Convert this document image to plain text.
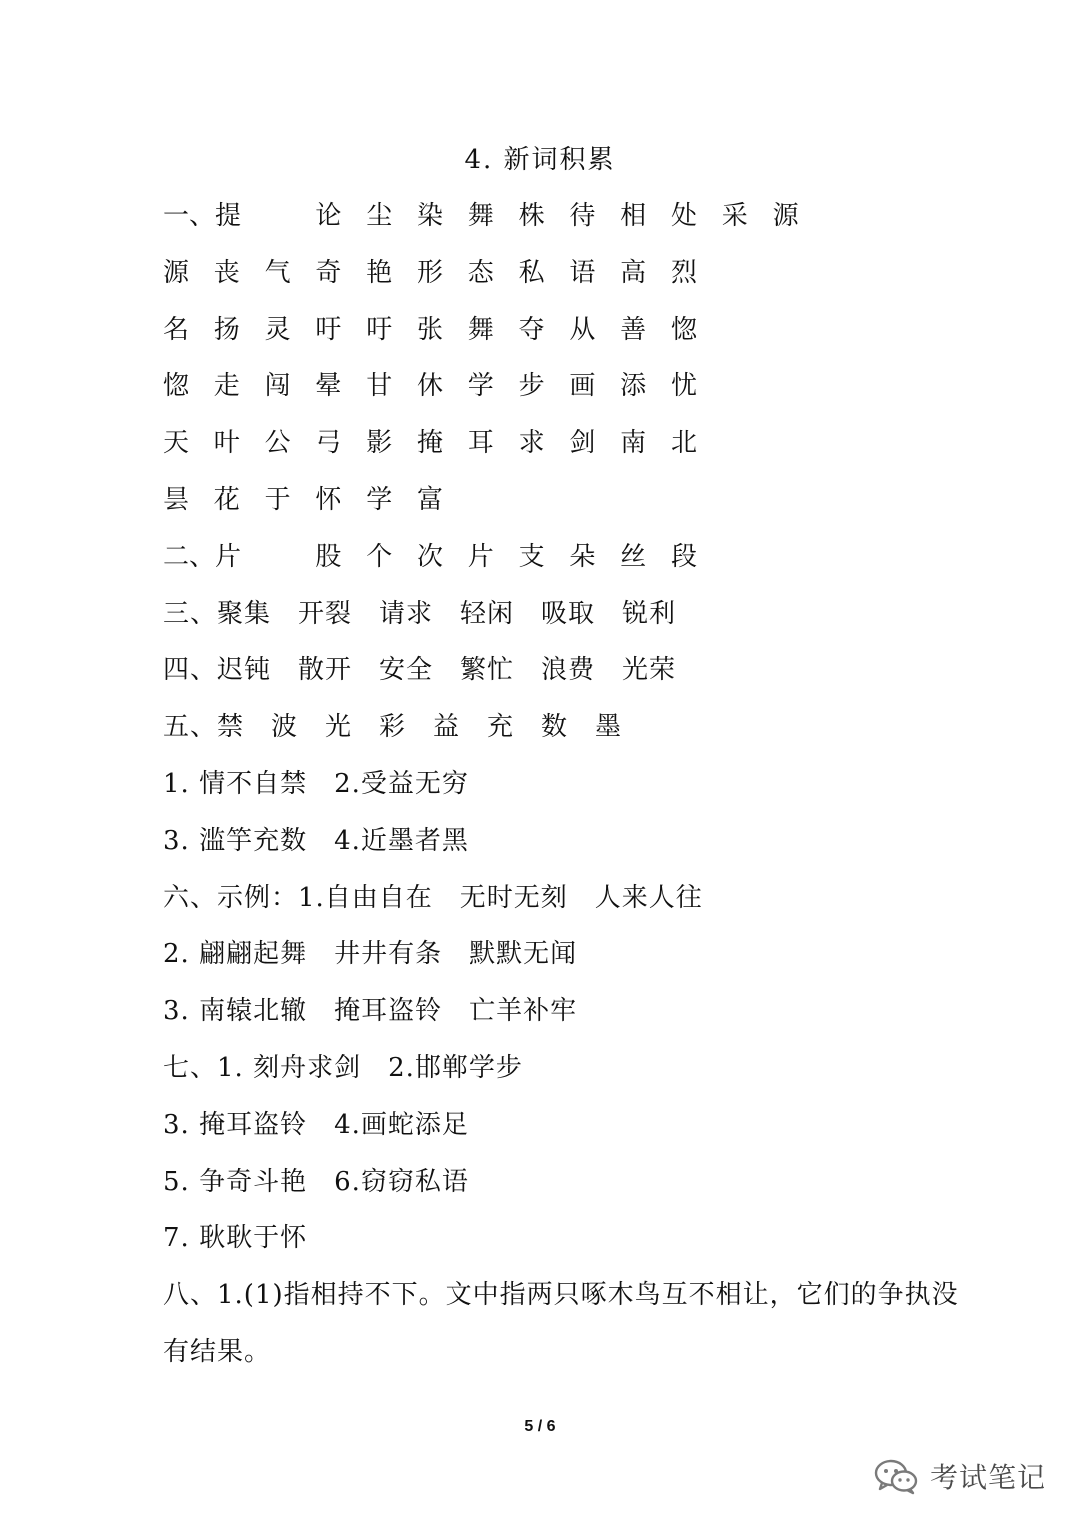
4. 新词积累
一、提	论 尘 染 舞 株 待 相 处 采 源
源 丧 气 奇 艳 形 态 私 语 高 烈
名 扬 灵 吁 吁 张 舞 夺 从 善 惚
惚 走 闯 晕 甘 休 学 步 画 添 忧
天 叶 公 弓 影 掩 耳 求 剑 南 北
昙 花 于 怀 学 富
二、片	股 个 次 片 支 朵 丝 段
三、聚集　开裂　请求　轻闲　吸取　锐利
四、迟钝　散开　安全　繁忙　浪费　光荣
五、禁　波　光　彩　益　充　数　墨
1. 情不自禁　2.受益无穷
3. 滥竽充数　4.近墨者黑
六、示例：1.自由自在　无时无刻　人来人往
2. 翩翩起舞　井井有条　默默无闻
3. 南辕北辙　掩耳盗铃　亡羊补牢
七、1. 刻舟求剑　2.邯郸学步
3. 掩耳盗铃　4.画蛇添足
5. 争奇斗艳　6.窃窃私语
7. 耿耿于怀
八、1.(1)指相持不下。文中指两只啄木鸟互不相让，它们的争执没
有结果。
5 / 6
考试笔记
